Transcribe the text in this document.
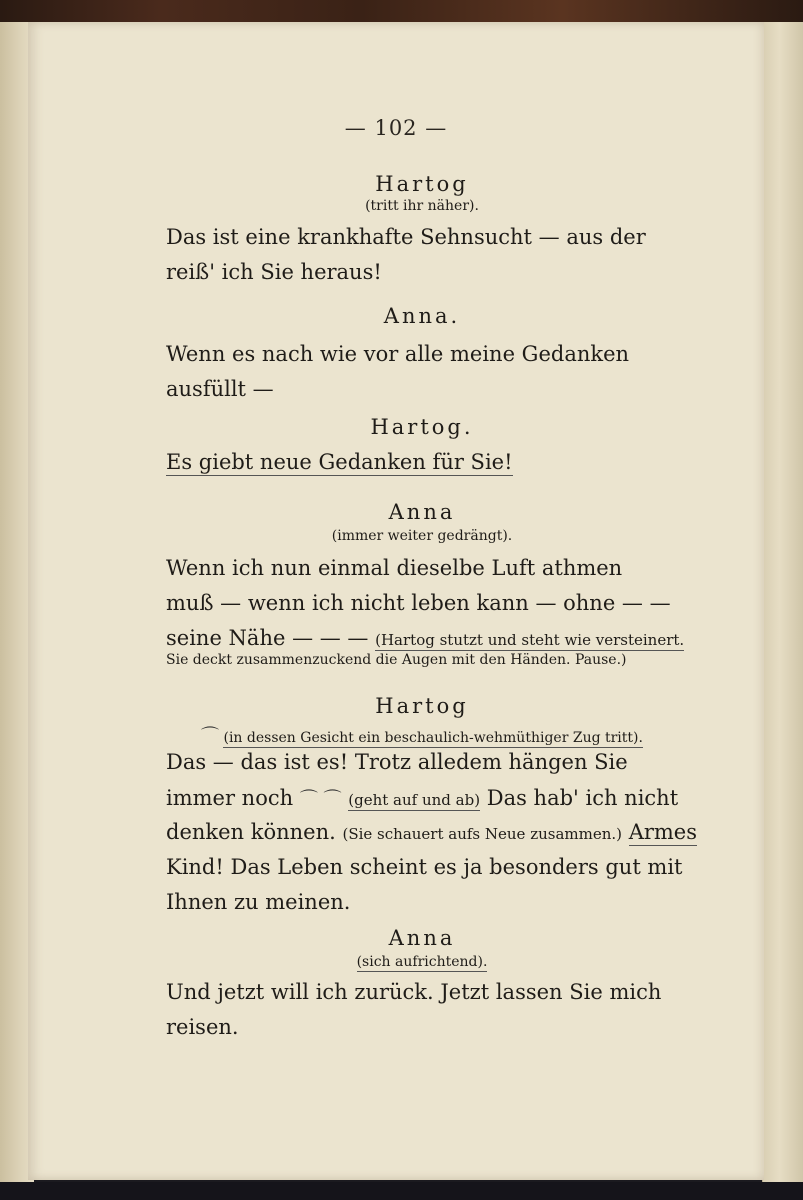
— 102 —
Hartog
(tritt ihr näher).
Das ist eine krankhafte Sehnsucht — aus der
reiß' ich Sie heraus!
Anna.
Wenn es nach wie vor alle meine Gedanken
ausfüllt —
Hartog.
Es giebt neue Gedanken für Sie!
Anna
(immer weiter gedrängt).
Wenn ich nun einmal dieselbe Luft athmen
muß — wenn ich nicht leben kann — ohne — —
seine Nähe — — — (Hartog stutzt und steht wie versteinert.
Sie deckt zusammenzuckend die Augen mit den Händen. Pause.)
Hartog
⌒ (in dessen Gesicht ein beschaulich-wehmüthiger Zug tritt).
Das — das ist es! Trotz alledem hängen Sie
immer noch ⌒ ⌒ (geht auf und ab) Das hab' ich nicht
denken können. (Sie schauert aufs Neue zusammen.) Armes
Kind! Das Leben scheint es ja besonders gut mit
Ihnen zu meinen.
Anna
(sich aufrichtend).
Und jetzt will ich zurück. Jetzt lassen Sie mich
reisen.
